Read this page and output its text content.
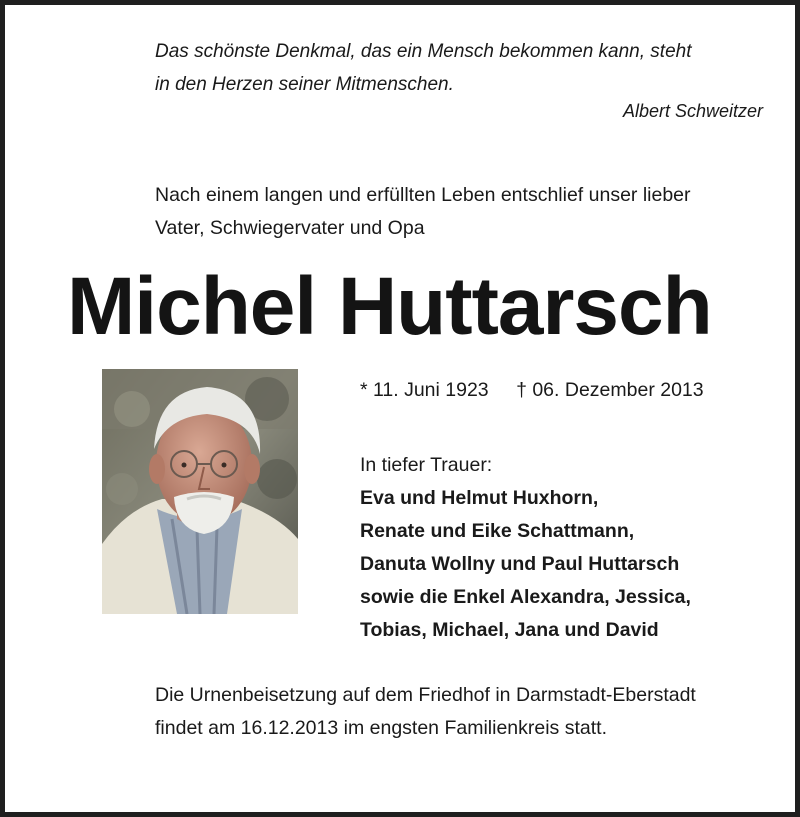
Das schönste Denkmal, das ein Mensch bekommen kann, steht
in den Herzen seiner Mitmenschen.
Albert Schweitzer
Nach einem langen und erfüllten Leben entschlief unser lieber
Vater, Schwiegervater und Opa
Michel Huttarsch
* 11. Juni 1923 † 06. Dezember 2013
In tiefer Trauer:
Eva und Helmut Huxhorn,
Renate und Eike Schattmann,
Danuta Wollny und Paul Huttarsch
sowie die Enkel Alexandra, Jessica,
Tobias, Michael, Jana und David
Die Urnenbeisetzung auf dem Friedhof in Darmstadt-Eberstadt
findet am 16.12.2013 im engsten Familienkreis statt.
